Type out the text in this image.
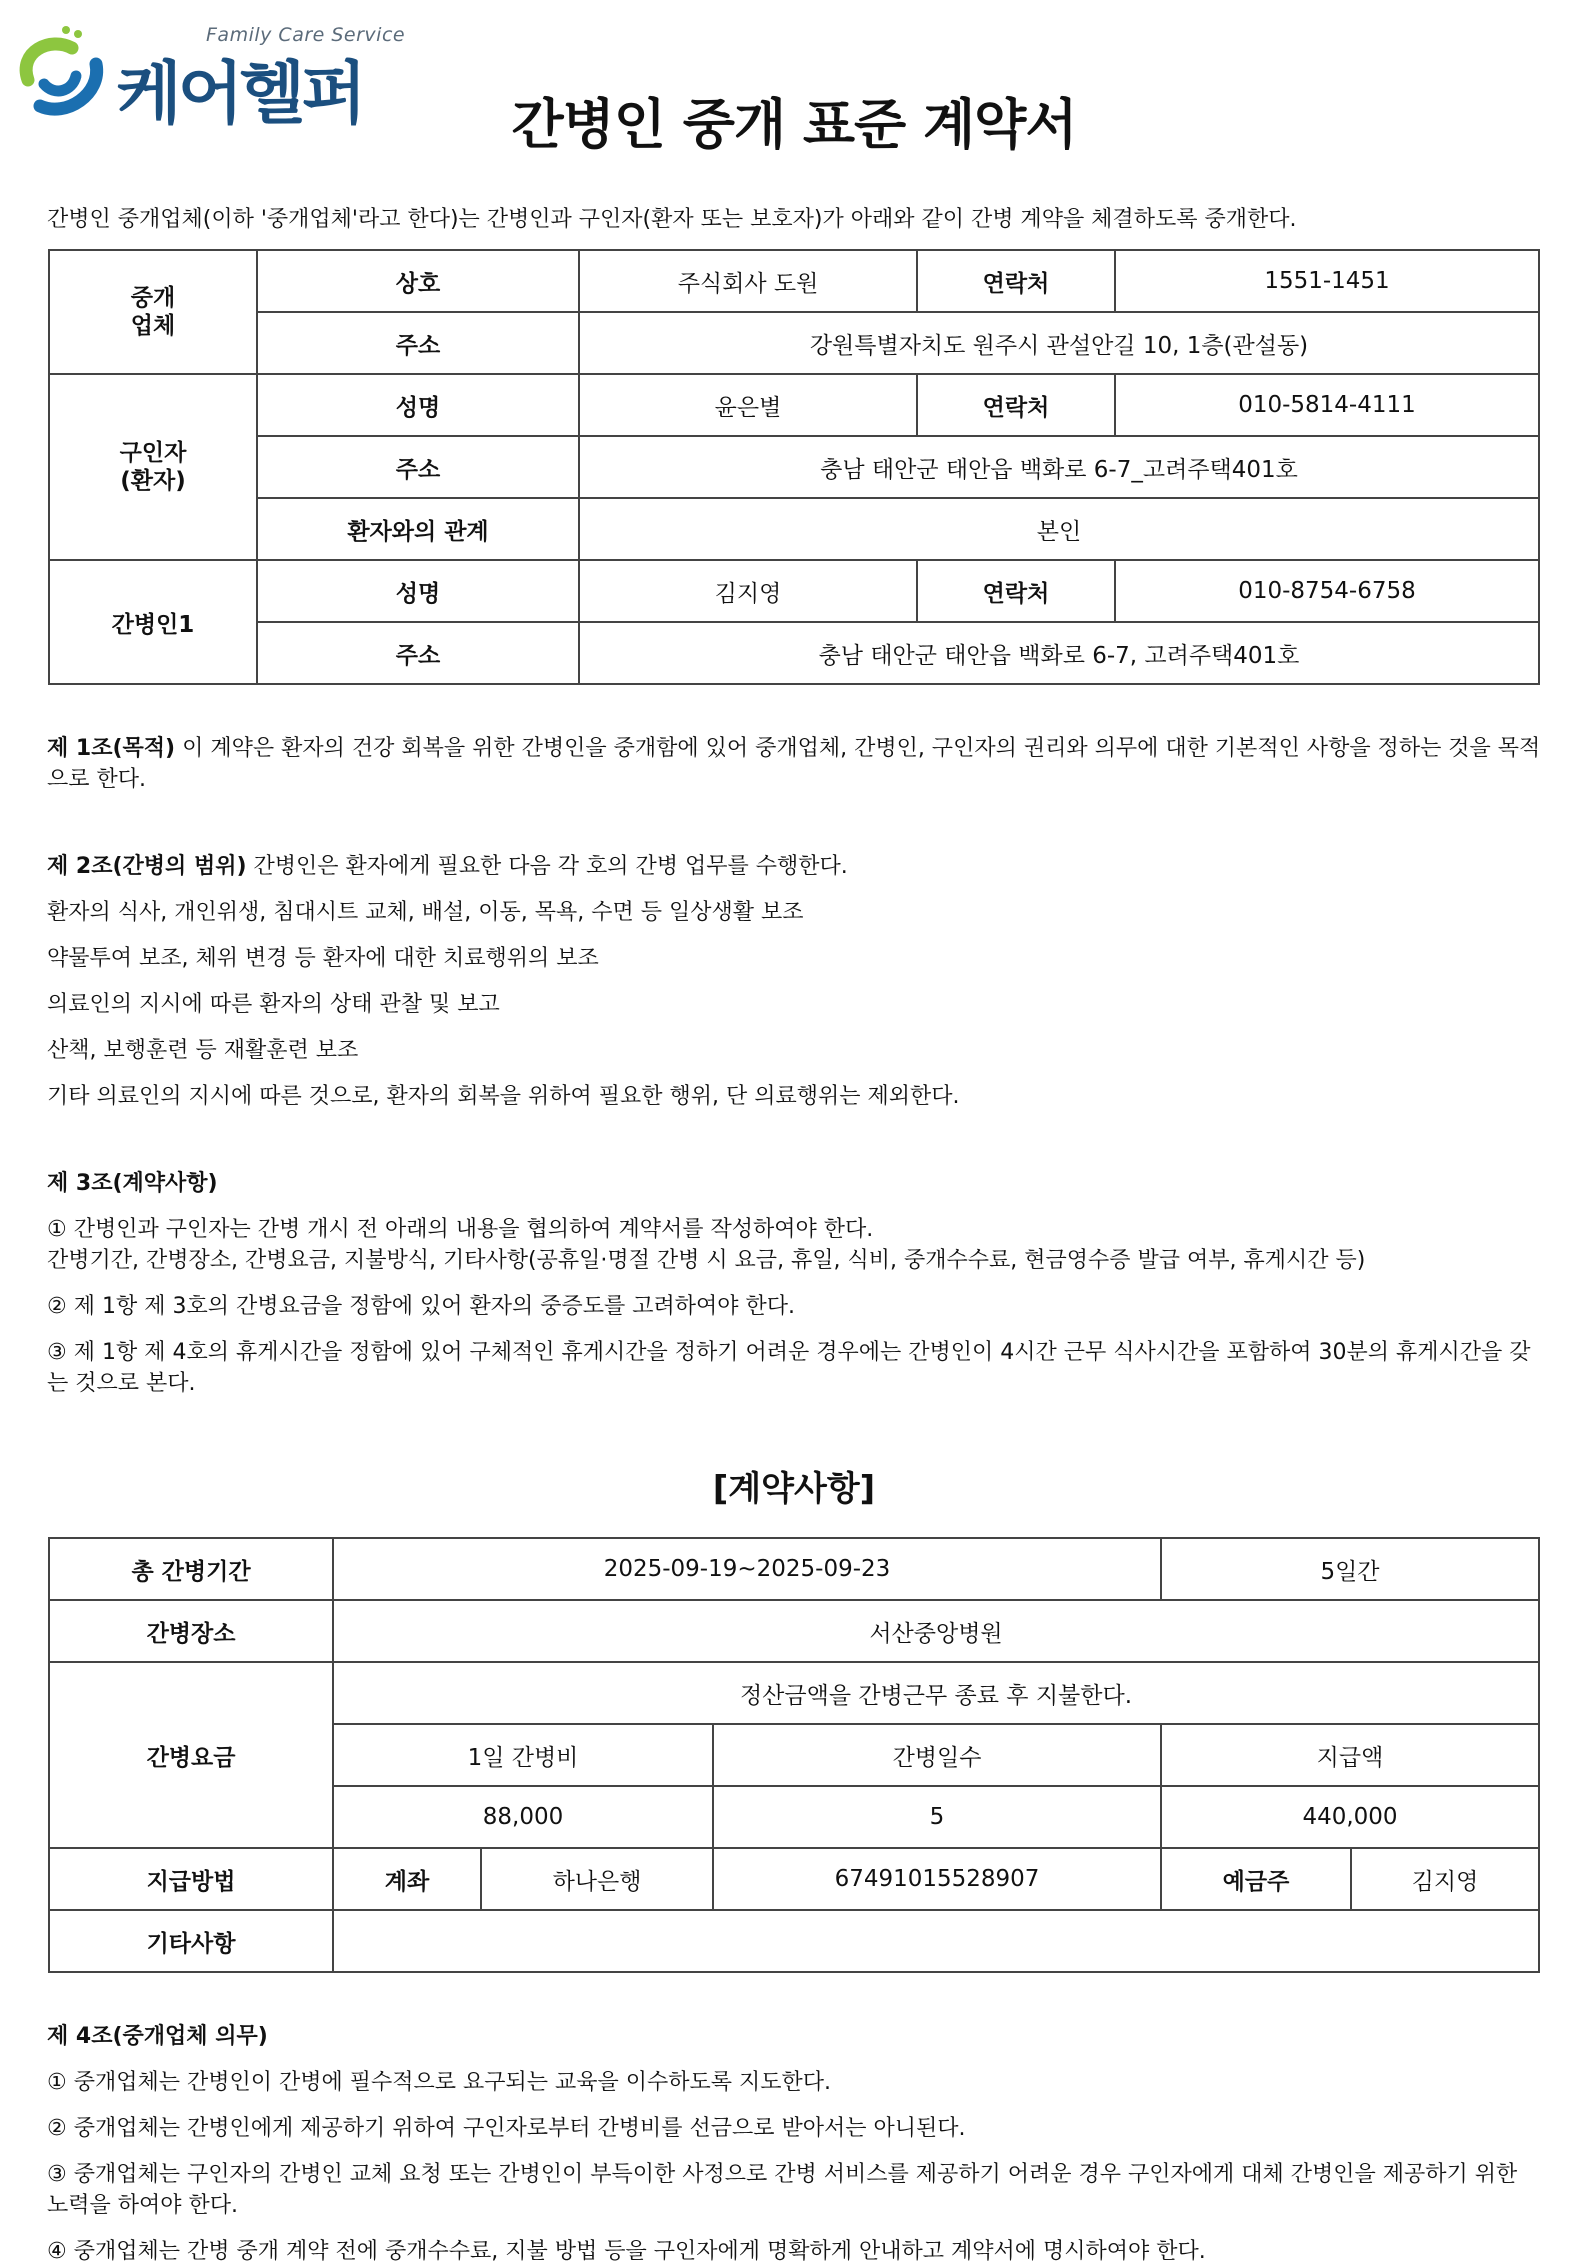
Family Care Service
케어헬퍼	간병인 중개 표준 계약서
간병인 중개업체(이하 '중개업체'라고 한다)는 간병인과 구인자(환자 또는 보호자)가 아래와 같이 간병 계약을 체결하도록 중개한다.
중개
업체	상호	주식회사 도원	연락처	1551-1451
	주소	강원특별자치도 원주시 관설안길 10, 1층(관설동)		
구인자
(환자)	성명	윤은별	연락처	010-5814-4111
	주소	충남 태안군 태안읍 백화로 6-7_고려주택401호		
	환자와의 관계	본인		
간병인1	성명	김지영	연락처	010-8754-6758
	주소	충남 태안군 태안읍 백화로 6-7, 고려주택401호		
제 1조(목적) 이 계약은 환자의 건강 회복을 위한 간병인을 중개함에 있어 중개업체, 간병인, 구인자의 권리와 의무에 대한 기본적인 사항을 정하는 것을 목적으로 한다.
제 2조(간병의 범위) 간병인은 환자에게 필요한 다음 각 호의 간병 업무를 수행한다.
환자의 식사, 개인위생, 침대시트 교체, 배설, 이동, 목욕, 수면 등 일상생활 보조
약물투여 보조, 체위 변경 등 환자에 대한 치료행위의 보조
의료인의 지시에 따른 환자의 상태 관찰 및 보고
산책, 보행훈련 등 재활훈련 보조
기타 의료인의 지시에 따른 것으로, 환자의 회복을 위하여 필요한 행위, 단 의료행위는 제외한다.
제 3조(계약사항)
① 간병인과 구인자는 간병 개시 전 아래의 내용을 협의하여 계약서를 작성하여야 한다.
간병기간, 간병장소, 간병요금, 지불방식, 기타사항(공휴일·명절 간병 시 요금, 휴일, 식비, 중개수수료, 현금영수증 발급 여부, 휴게시간 등)
② 제 1항 제 3호의 간병요금을 정함에 있어 환자의 중증도를 고려하여야 한다.
③ 제 1항 제 4호의 휴게시간을 정함에 있어 구체적인 휴게시간을 정하기 어려운 경우에는 간병인이 4시간 근무 식사시간을 포함하여 30분의 휴게시간을 갖는 것으로 본다.
[계약사항]
총 간병기간	2025-09-19~2025-09-23			5일간	
간병장소	서산중앙병원				
간병요금	정산금액을 간병근무 종료 후 지불한다.				
	1일 간병비		간병일수	지급액	
	88,000		5	440,000	
지급방법	계좌	하나은행	67491015528907	예금주	김지영
기타사항					
제 4조(중개업체 의무)
① 중개업체는 간병인이 간병에 필수적으로 요구되는 교육을 이수하도록 지도한다.
② 중개업체는 간병인에게 제공하기 위하여 구인자로부터 간병비를 선금으로 받아서는 아니된다.
③ 중개업체는 구인자의 간병인 교체 요청 또는 간병인이 부득이한 사정으로 간병 서비스를 제공하기 어려운 경우 구인자에게 대체 간병인을 제공하기 위한 노력을 하여야 한다.
④ 중개업체는 간병 중개 계약 전에 중개수수료, 지불 방법 등을 구인자에게 명확하게 안내하고 계약서에 명시하여야 한다.
